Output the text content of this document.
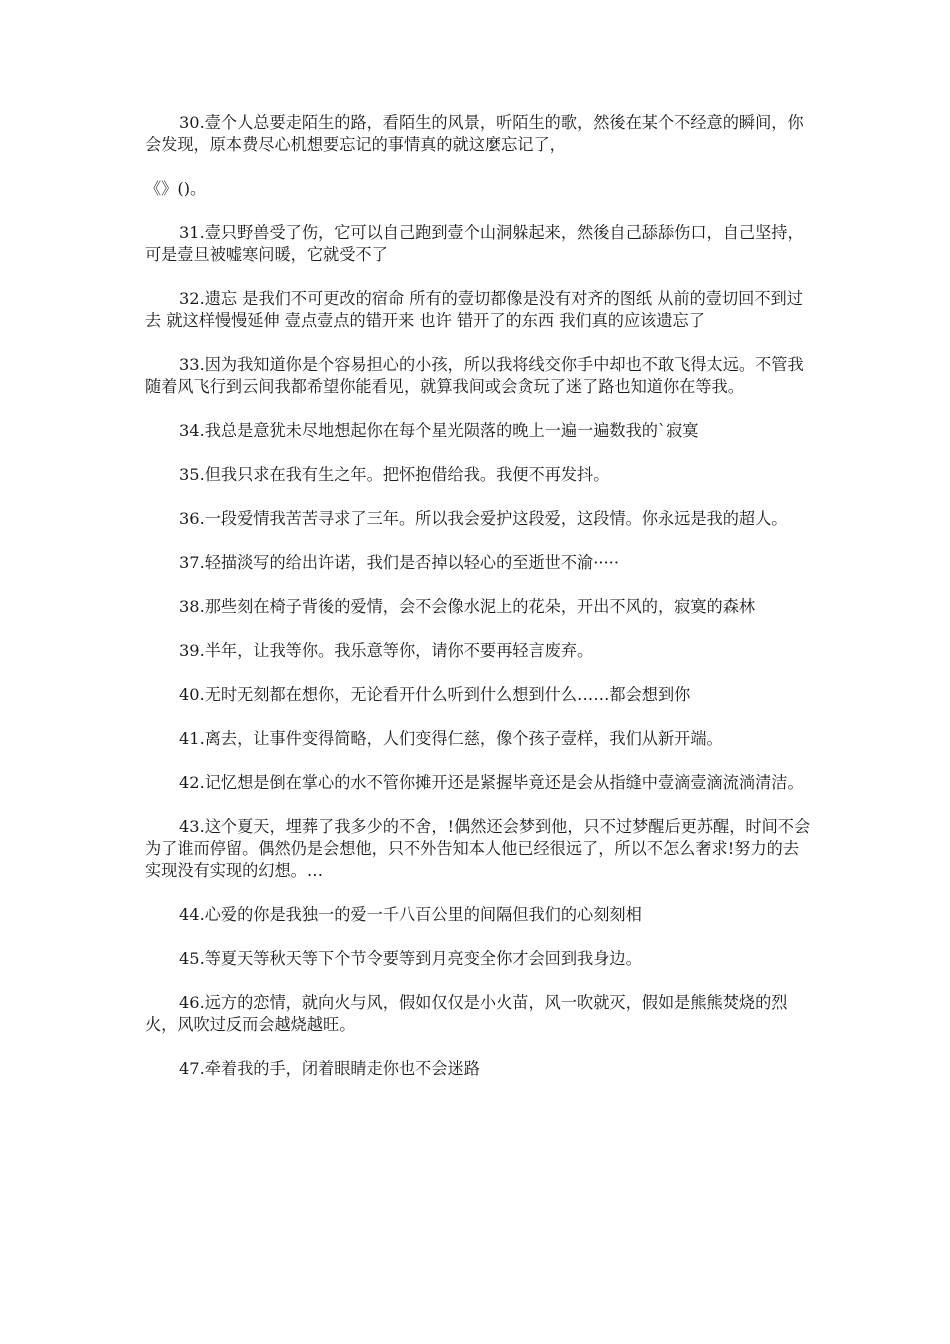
30.壹个人总要走陌生的路，看陌生的风景，听陌生的歌，然後在某个不经意的瞬间，你会发现，原本费尽心机想要忘记的事情真的就这麼忘记了，

《》()。

31.壹只野兽受了伤，它可以自己跑到壹个山洞躲起来，然後自己舔舔伤口，自己坚持，可是壹旦被嘘寒问暖，它就受不了

32.遗忘 是我们不可更改的宿命 所有的壹切都像是没有对齐的图纸 从前的壹切回不到过去 就这样慢慢延伸 壹点壹点的错开来 也许 错开了的东西 我们真的应该遗忘了

33.因为我知道你是个容易担心的小孩，所以我将线交你手中却也不敢飞得太远。不管我随着风飞行到云间我都希望你能看见，就算我间或会贪玩了迷了路也知道你在等我。

34.我总是意犹未尽地想起你在每个星光陨落的晚上一遍一遍数我的`寂寞

35.但我只求在我有生之年。把怀抱借给我。我便不再发抖。

36.一段爱情我苦苦寻求了三年。所以我会爱护这段爱，这段情。你永远是我的超人。

37.轻描淡写的给出许诺，我们是否掉以轻心的至逝世不渝·····

38.那些刻在椅子背後的爱情，会不会像水泥上的花朵，开出不风的，寂寞的森林

39.半年，让我等你。我乐意等你，请你不要再轻言废弃。

40.无时无刻都在想你，无论看开什么听到什么想到什么……都会想到你

41.离去，让事件变得简略，人们变得仁慈，像个孩子壹样，我们从新开端。

42.记忆想是倒在掌心的水不管你摊开还是紧握毕竟还是会从指缝中壹滴壹滴流淌清洁。

43.这个夏天，埋葬了我多少的不舍，!偶然还会梦到他，只不过梦醒后更苏醒，时间不会为了谁而停留。偶然仍是会想他，只不外告知本人他已经很远了，所以不怎么奢求!努力的去实现没有实现的幻想。…

44.心爱的你是我独一的爱一千八百公里的间隔但我们的心刻刻相

45.等夏天等秋天等下个节令要等到月亮变全你才会回到我身边。

46.远方的恋情，就向火与风，假如仅仅是小火苗，风一吹就灭，假如是熊熊焚烧的烈火，风吹过反而会越烧越旺。

47.牵着我的手，闭着眼睛走你也不会迷路
